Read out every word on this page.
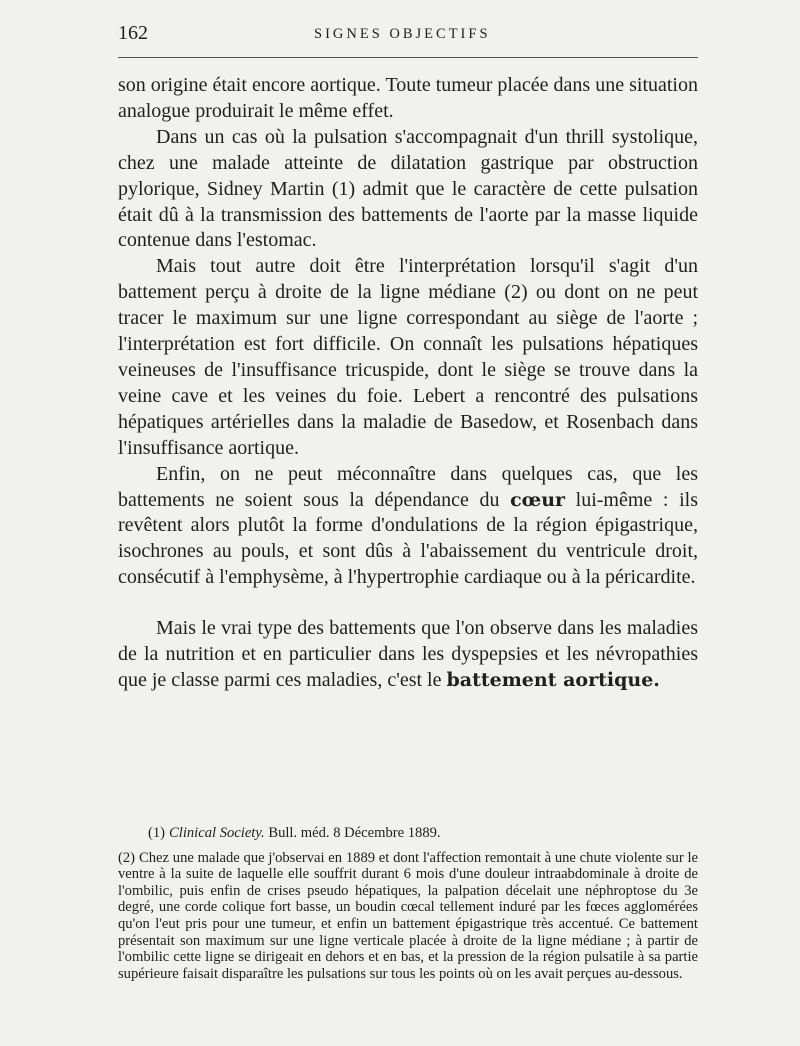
162	SIGNES OBJECTIFS

son origine était encore aortique. Toute tumeur placée dans une situation analogue produirait le même effet.

Dans un cas où la pulsation s'accompagnait d'un thrill systolique, chez une malade atteinte de dilatation gastrique par obstruction pylorique, Sidney Martin (1) admit que le caractère de cette pulsation était dû à la transmission des battements de l'aorte par la masse liquide contenue dans l'estomac.

Mais tout autre doit être l'interprétation lorsqu'il s'agit d'un battement perçu à droite de la ligne médiane (2) ou dont on ne peut tracer le maximum sur une ligne correspondant au siège de l'aorte ; l'interprétation est fort difficile. On connaît les pulsations hépatiques veineuses de l'insuffisance tricuspide, dont le siège se trouve dans la veine cave et les veines du foie. Lebert a rencontré des pulsations hépatiques artérielles dans la maladie de Basedow, et Rosenbach dans l'insuffisance aortique.

Enfin, on ne peut méconnaître dans quelques cas, que les battements ne soient sous la dépendance du cœur lui-même : ils revêtent alors plutôt la forme d'ondulations de la région épigastrique, isochrones au pouls, et sont dûs à l'abaissement du ventricule droit, consécutif à l'emphysème, à l'hypertrophie cardiaque ou à la péricardite.

Mais le vrai type des battements que l'on observe dans les maladies de la nutrition et en particulier dans les dyspepsies et les névropathies que je classe parmi ces maladies, c'est le battement aortique.

(1) Clinical Society. Bull. méd. 8 Décembre 1889.

(2) Chez une malade que j'observai en 1889 et dont l'affection remontait à une chute violente sur le ventre à la suite de laquelle elle souffrit durant 6 mois d'une douleur intraabdominale à droite de l'ombilic, puis enfin de crises pseudo hépatiques, la palpation décelait une néphroptose du 3e degré, une corde colique fort basse, un boudin cœcal tellement induré par les fœces agglomérées qu'on l'eut pris pour une tumeur, et enfin un battement épigastrique très accentué. Ce battement présentait son maximum sur une ligne verticale placée à droite de la ligne médiane ; à partir de l'ombilic cette ligne se dirigeait en dehors et en bas, et la pression de la région pulsatile à sa partie supérieure faisait disparaître les pulsations sur tous les points où on les avait perçues au-dessous.
